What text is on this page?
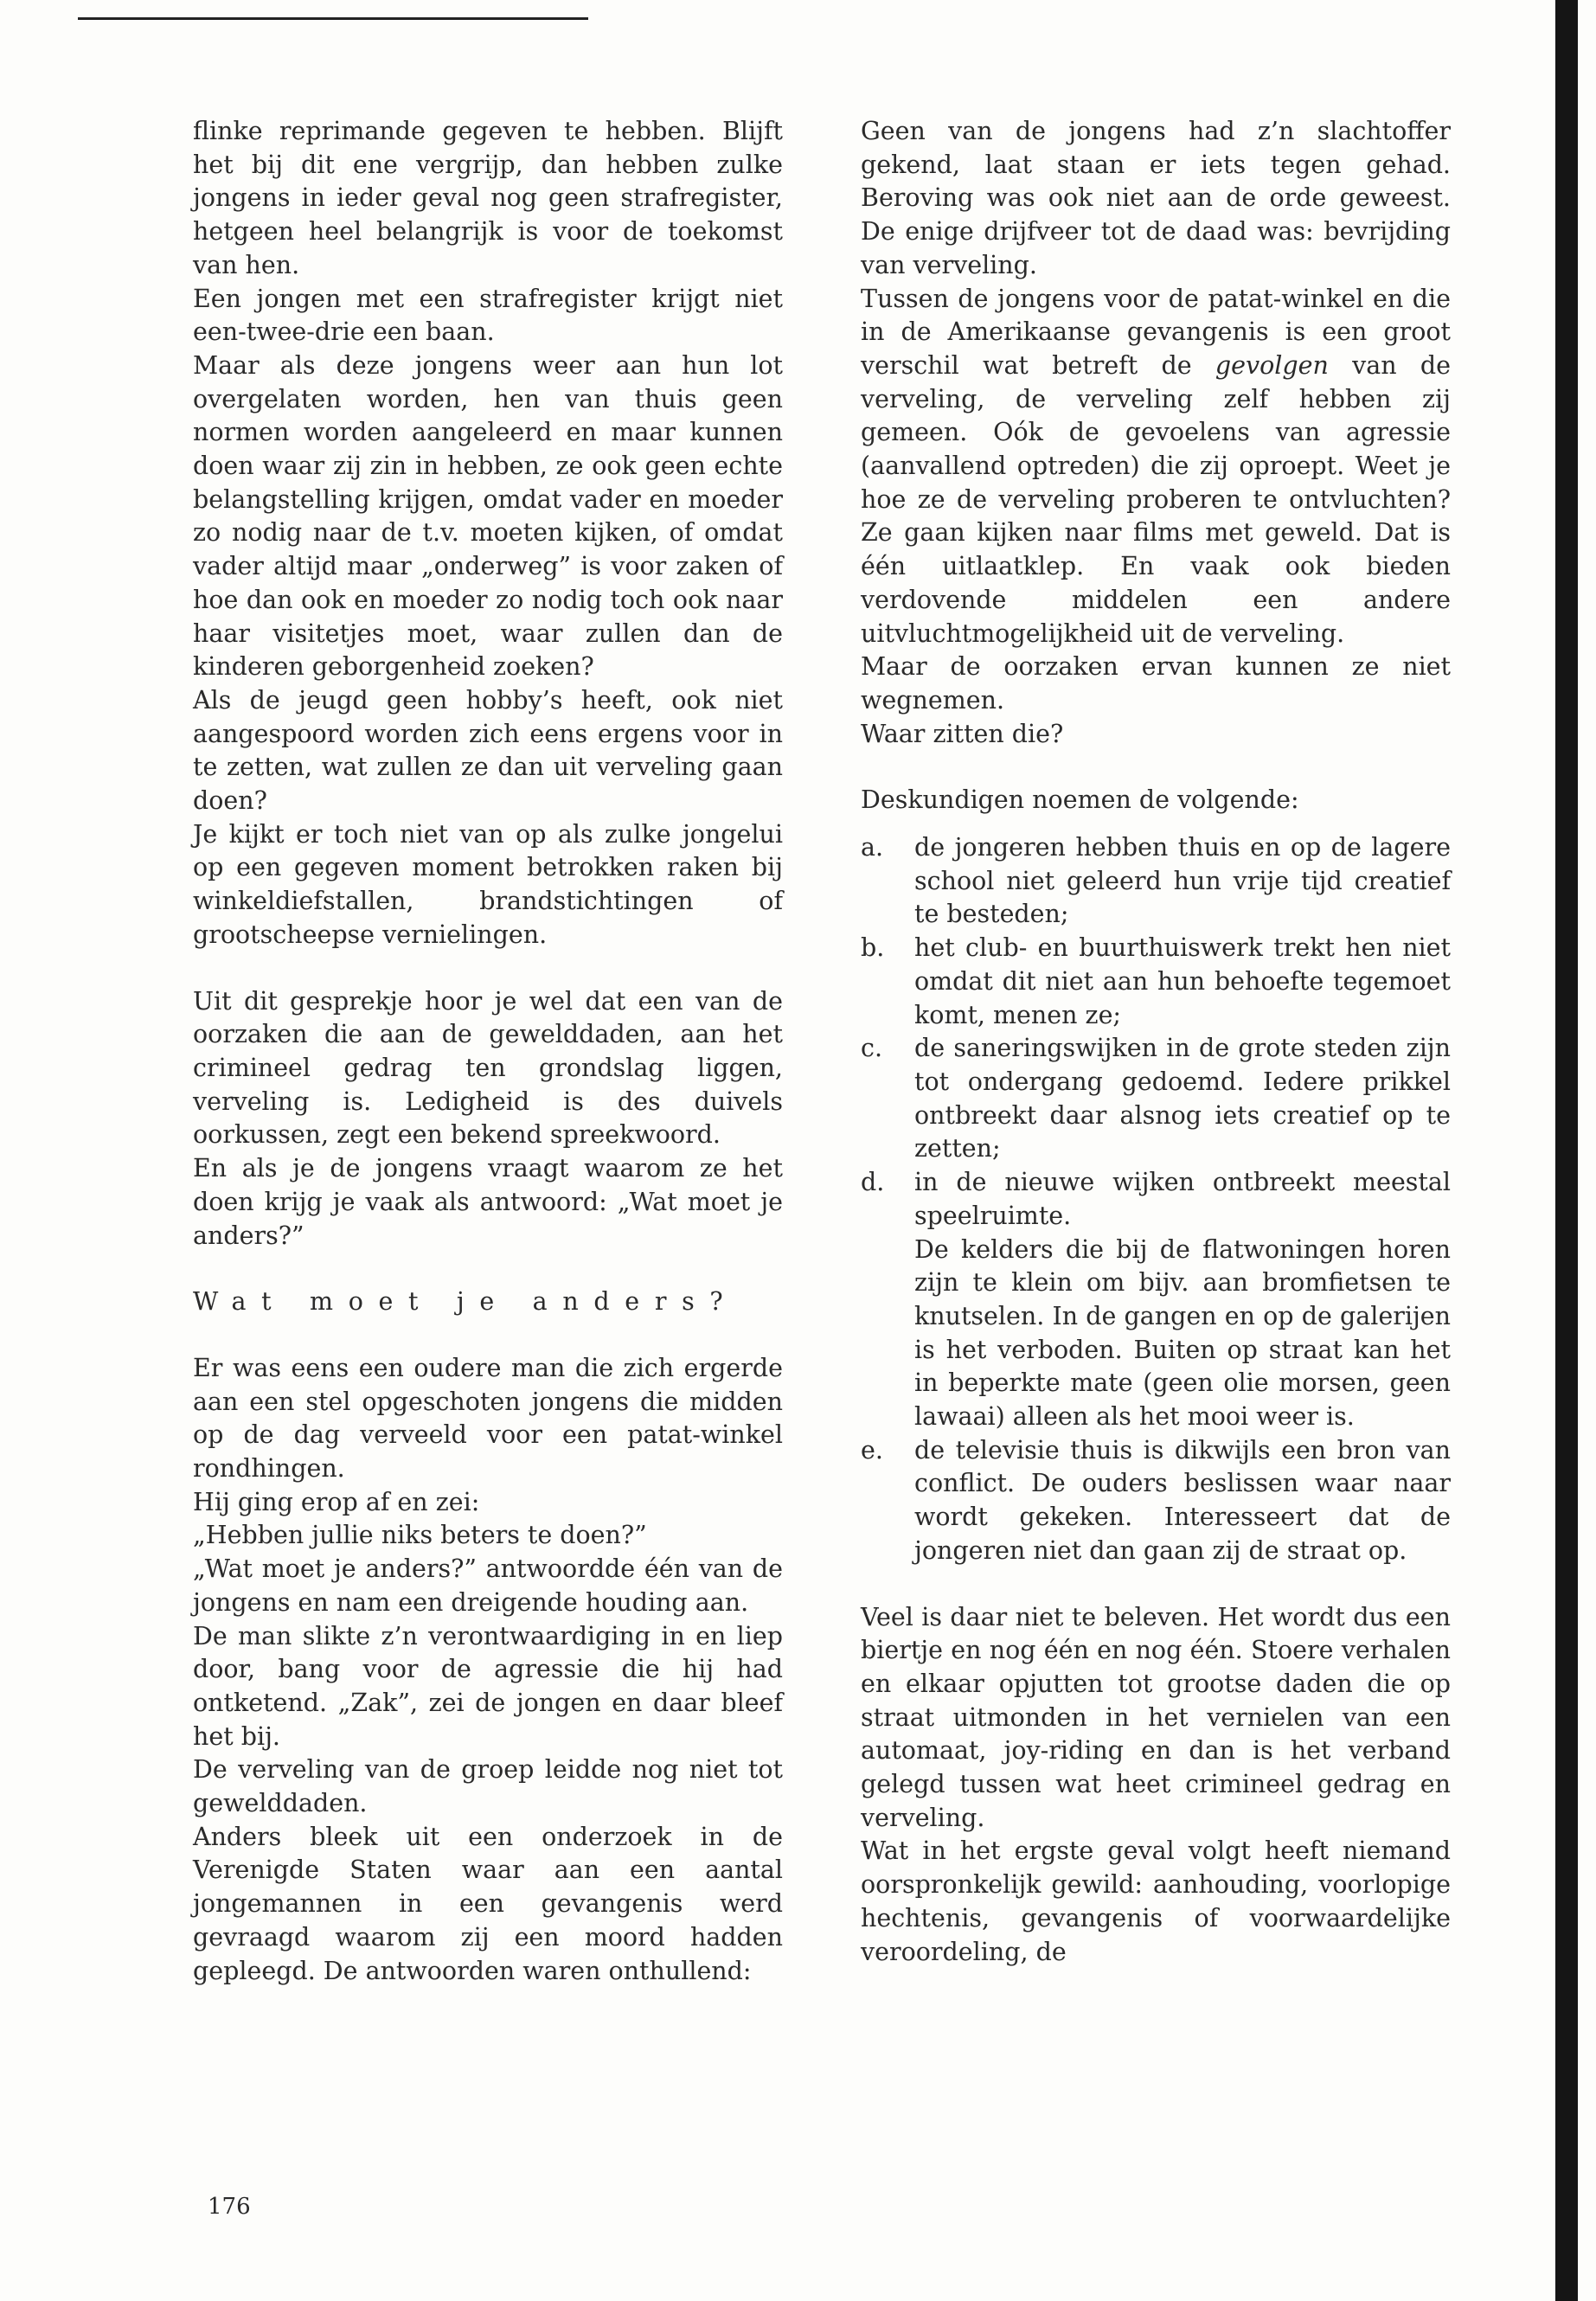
flinke reprimande gegeven te hebben. Blijft het bij dit ene vergrijp, dan hebben zulke jongens in ieder geval nog geen strafregister, hetgeen heel belangrijk is voor de toekomst van hen.

Een jongen met een strafregister krijgt niet een-twee-drie een baan.

Maar als deze jongens weer aan hun lot overgelaten worden, hen van thuis geen normen worden aangeleerd en maar kunnen doen waar zij zin in hebben, ze ook geen echte belangstelling krijgen, omdat vader en moeder zo nodig naar de t.v. moeten kijken, of omdat vader altijd maar „onderweg” is voor zaken of hoe dan ook en moeder zo nodig toch ook naar haar visitetjes moet, waar zullen dan de kinderen geborgenheid zoeken?

Als de jeugd geen hobby’s heeft, ook niet aangespoord worden zich eens ergens voor in te zetten, wat zullen ze dan uit verveling gaan doen?

Je kijkt er toch niet van op als zulke jongelui op een gegeven moment betrokken raken bij winkeldiefstallen, brandstichtingen of grootscheepse vernielingen.

Uit dit gesprekje hoor je wel dat een van de oorzaken die aan de gewelddaden, aan het crimineel gedrag ten grondslag liggen, verveling is. Ledigheid is des duivels oorkussen, zegt een bekend spreekwoord.

En als je de jongens vraagt waarom ze het doen krijg je vaak als antwoord: „Wat moet je anders?”

Wat moet je anders?

Er was eens een oudere man die zich ergerde aan een stel opgeschoten jongens die midden op de dag verveeld voor een patat-winkel rondhingen.

Hij ging erop af en zei:

„Hebben jullie niks beters te doen?”

„Wat moet je anders?” antwoordde één van de jongens en nam een dreigende houding aan.

De man slikte z’n verontwaardiging in en liep door, bang voor de agressie die hij had ontketend. „Zak”, zei de jongen en daar bleef het bij.

De verveling van de groep leidde nog niet tot gewelddaden.

Anders bleek uit een onderzoek in de Verenigde Staten waar aan een aantal jongemannen in een gevangenis werd gevraagd waarom zij een moord hadden gepleegd. De antwoorden waren onthullend:

Geen van de jongens had z’n slachtoffer gekend, laat staan er iets tegen gehad. Beroving was ook niet aan de orde geweest. De enige drijfveer tot de daad was: bevrijding van verveling.

Tussen de jongens voor de patat-winkel en die in de Amerikaanse gevangenis is een groot verschil wat betreft de gevolgen van de verveling, de verveling zelf hebben zij gemeen. Oók de gevoelens van agressie (aanvallend optreden) die zij oproept. Weet je hoe ze de verveling proberen te ontvluchten? Ze gaan kijken naar films met geweld. Dat is één uitlaatklep. En vaak ook bieden verdovende middelen een andere uitvluchtmogelijkheid uit de verveling.

Maar de oorzaken ervan kunnen ze niet wegnemen.

Waar zitten die?

Deskundigen noemen de volgende:

a.	de jongeren hebben thuis en op de lagere school niet geleerd hun vrije tijd creatief te besteden;
b.	het club- en buurthuiswerk trekt hen niet omdat dit niet aan hun behoefte tegemoet komt, menen ze;
c.	de saneringswijken in de grote steden zijn tot ondergang gedoemd. Iedere prikkel ontbreekt daar alsnog iets creatief op te zetten;
d.	in de nieuwe wijken ontbreekt meestal speelruimte.
De kelders die bij de flatwoningen horen zijn te klein om bijv. aan bromfietsen te knutselen. In de gangen en op de galerijen is het verboden. Buiten op straat kan het in beperkte mate (geen olie morsen, geen lawaai) alleen als het mooi weer is.
e.	de televisie thuis is dikwijls een bron van conflict. De ouders beslissen waar naar wordt gekeken. Interesseert dat de jongeren niet dan gaan zij de straat op.

Veel is daar niet te beleven. Het wordt dus een biertje en nog één en nog één. Stoere verhalen en elkaar opjutten tot grootse daden die op straat uitmonden in het vernielen van een automaat, joy-riding en dan is het verband gelegd tussen wat heet crimineel gedrag en verveling.

Wat in het ergste geval volgt heeft niemand oorspronkelijk gewild: aanhouding, voorlopige hechtenis, gevangenis of voorwaardelijke veroordeling, de

176
